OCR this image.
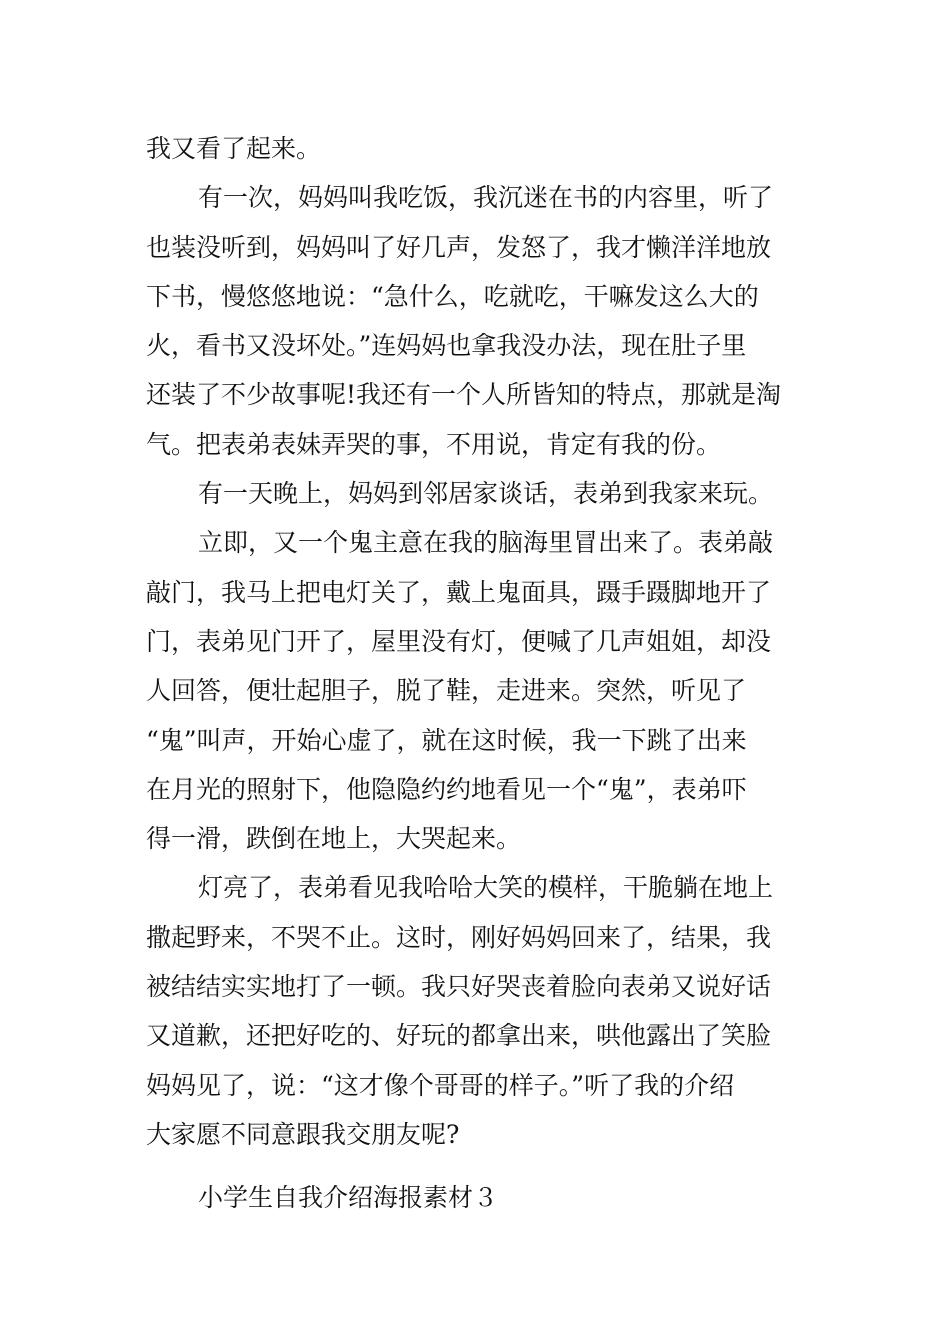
我又看了起来。
有一次，妈妈叫我吃饭，我沉迷在书的内容里，听了
也装没听到，妈妈叫了好几声，发怒了，我才懒洋洋地放
下书，慢悠悠地说：“急什么，吃就吃，干嘛发这么大的
火，看书又没坏处。”连妈妈也拿我没办法，现在肚子里
还装了不少故事呢!我还有一个人所皆知的特点，那就是淘
气。把表弟表妹弄哭的事，不用说，肯定有我的份。
有一天晚上，妈妈到邻居家谈话，表弟到我家来玩。
立即，又一个鬼主意在我的脑海里冒出来了。表弟敲
敲门，我马上把电灯关了，戴上鬼面具，蹑手蹑脚地开了
门，表弟见门开了，屋里没有灯，便喊了几声姐姐，却没
人回答，便壮起胆子，脱了鞋，走进来。突然，听见了
“鬼”叫声，开始心虚了，就在这时候，我一下跳了出来
在月光的照射下，他隐隐约约地看见一个“鬼”，表弟吓
得一滑，跌倒在地上，大哭起来。
灯亮了，表弟看见我哈哈大笑的模样，干脆躺在地上
撒起野来，不哭不止。这时，刚好妈妈回来了，结果，我
被结结实实地打了一顿。我只好哭丧着脸向表弟又说好话
又道歉，还把好吃的、好玩的都拿出来，哄他露出了笑脸
妈妈见了，说：“这才像个哥哥的样子。”听了我的介绍
大家愿不同意跟我交朋友呢?
小学生自我介绍海报素材３
